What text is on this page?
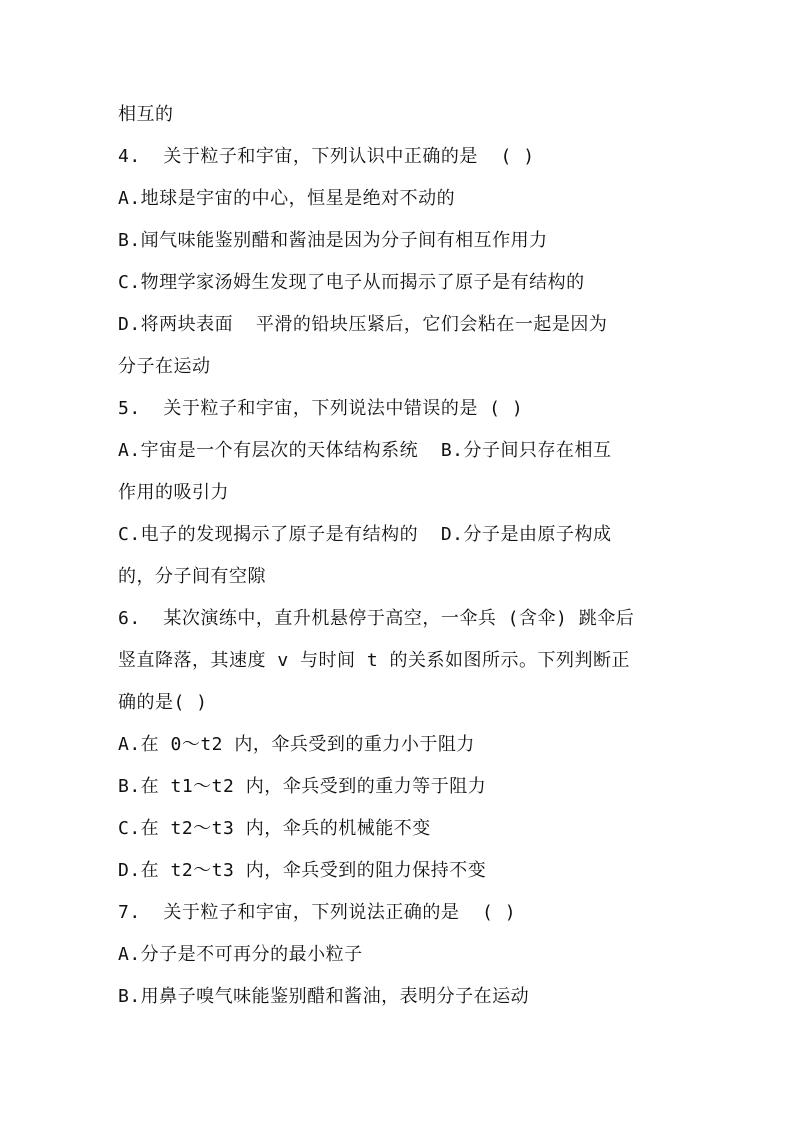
相互的
4.  关于粒子和宇宙，下列认识中正确的是  ( )
A.地球是宇宙的中心，恒星是绝对不动的
B.闻气味能鉴别醋和酱油是因为分子间有相互作用力
C.物理学家汤姆生发现了电子从而揭示了原子是有结构的
D.将两块表面  平滑的铅块压紧后，它们会粘在一起是因为
分子在运动
5.  关于粒子和宇宙，下列说法中错误的是 ( )
A.宇宙是一个有层次的天体结构系统  B.分子间只存在相互
作用的吸引力
C.电子的发现揭示了原子是有结构的  D.分子是由原子构成
的，分子间有空隙
6.  某次演练中，直升机悬停于高空，一伞兵 (含伞) 跳伞后
竖直降落，其速度 v 与时间 t 的关系如图所示。下列判断正
确的是( )
A.在 0～t2 内，伞兵受到的重力小于阻力
B.在 t1～t2 内，伞兵受到的重力等于阻力
C.在 t2～t3 内，伞兵的机械能不变
D.在 t2～t3 内，伞兵受到的阻力保持不变
7.  关于粒子和宇宙，下列说法正确的是  ( )
A.分子是不可再分的最小粒子
B.用鼻子嗅气味能鉴别醋和酱油，表明分子在运动
